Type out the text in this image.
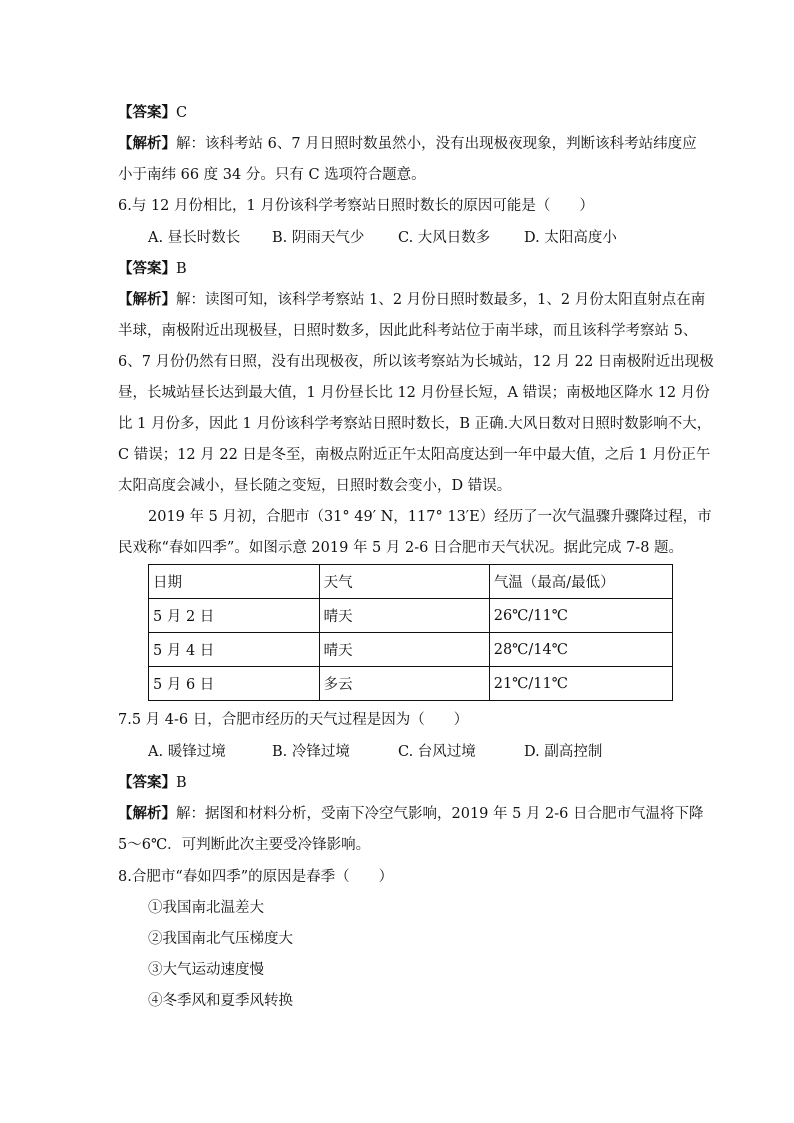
【答案】C
【解析】解：该科考站 6、7 月日照时数虽然小，没有出现极夜现象，判断该科考站纬度应
小于南纬 66 度 34 分。只有 C 选项符合题意。
6.与 12 月份相比，1 月份该科学考察站日照时数长的原因可能是（　　）
A. 昼长时数长 B. 阴雨天气少 C. 大风日数多 D. 太阳高度小
【答案】B
【解析】解：读图可知，该科学考察站 1、2 月份日照时数最多，1、2 月份太阳直射点在南
半球，南极附近出现极昼，日照时数多，因此此科考站位于南半球，而且该科学考察站 5、
6、7 月份仍然有日照，没有出现极夜，所以该考察站为长城站，12 月 22 日南极附近出现极
昼，长城站昼长达到最大值，1 月份昼长比 12 月份昼长短，A 错误；南极地区降水 12 月份
比 1 月份多，因此 1 月份该科学考察站日照时数长，B 正确.大风日数对日照时数影响不大，
C 错误；12 月 22 日是冬至，南极点附近正午太阳高度达到一年中最大值，之后 1 月份正午
太阳高度会减小，昼长随之变短，日照时数会变小，D 错误。
2019 年 5 月初，合肥市（31° 49′ N，117° 13′E）经历了一次气温骤升骤降过程，市
民戏称“春如四季”。如图示意 2019 年 5 月 2-6 日合肥市天气状况。据此完成 7-8 题。
日期	天气	气温（最高/最低）
5 月 2 日	晴天	26℃/11℃
5 月 4 日	晴天	28℃/14℃
5 月 6 日	多云	21℃/11℃
7.5 月 4-6 日，合肥市经历的天气过程是因为（　　）
A. 暖锋过境	B. 冷锋过境	C. 台风过境	D. 副高控制
【答案】B
【解析】解：据图和材料分析，受南下冷空气影响，2019 年 5 月 2-6 日合肥市气温将下降
5～6℃．可判断此次主要受冷锋影响。
8.合肥市“春如四季”的原因是春季（　　）
①我国南北温差大
②我国南北气压梯度大
③大气运动速度慢
④冬季风和夏季风转换
